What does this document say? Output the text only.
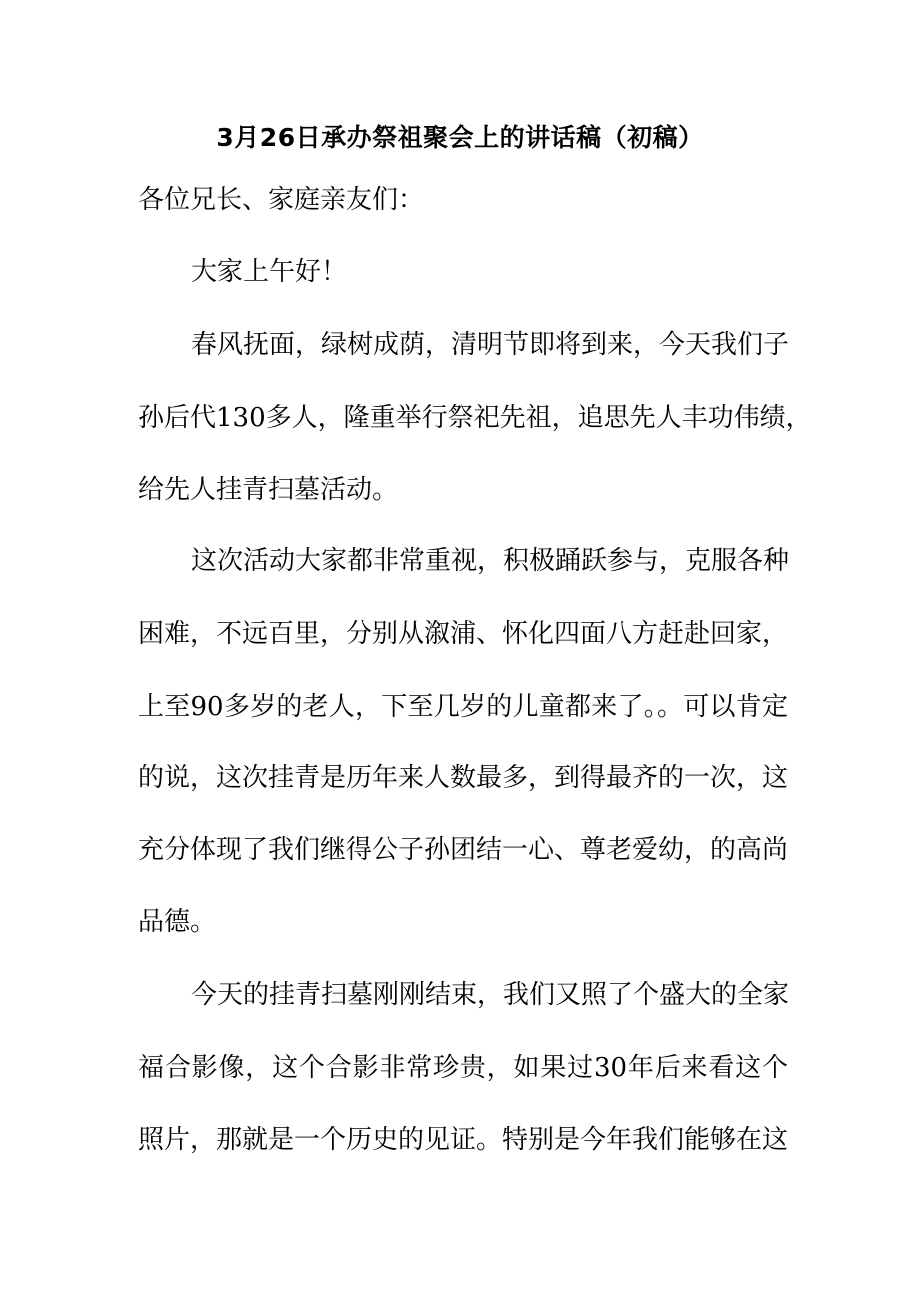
3月26日承办祭祖聚会上的讲话稿（初稿）
各位兄长、家庭亲友们：
大家上午好！
春风抚面，绿树成荫，清明节即将到来，今天我们子
孙后代130多人，隆重举行祭祀先祖，追思先人丰功伟绩，
给先人挂青扫墓活动。
这次活动大家都非常重视，积极踊跃参与，克服各种
困难，不远百里，分别从溆浦、怀化四面八方赶赴回家，
上至90多岁的老人，下至几岁的儿童都来了。。可以肯定
的说，这次挂青是历年来人数最多，到得最齐的一次，这
充分体现了我们继得公子孙团结一心、尊老爱幼，的高尚
品德。
今天的挂青扫墓刚刚结束，我们又照了个盛大的全家
福合影像，这个合影非常珍贵，如果过30年后来看这个
照片，那就是一个历史的见证。特别是今年我们能够在这
